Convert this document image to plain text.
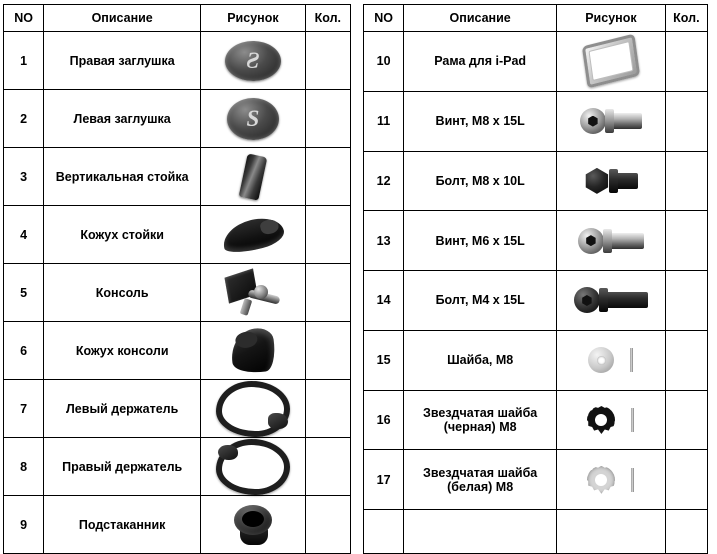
NO	Описание	Рисунок	Кол.
1	Правая заглушка	Ƨ	

2	Левая заглушка	S	

3	Вертикальная стойка	

4	Кожух стойки	

5	Консоль	

6	Кожух консоли	

7	Левый держатель	

8	Правый держатель	

9	Подстаканник	

NO	Описание	Рисунок	Кол.
10	Рама для i-Pad	

11	Винт, M8 x 15L	

12	Болт, M8 x 10L	

13	Винт, M6 x 15L	

14	Болт, M4 x 15L	

15	Шайба, M8	

16	Звездчатая шайба (черная) M8	

17	Звездчатая шайба (белая) M8	
